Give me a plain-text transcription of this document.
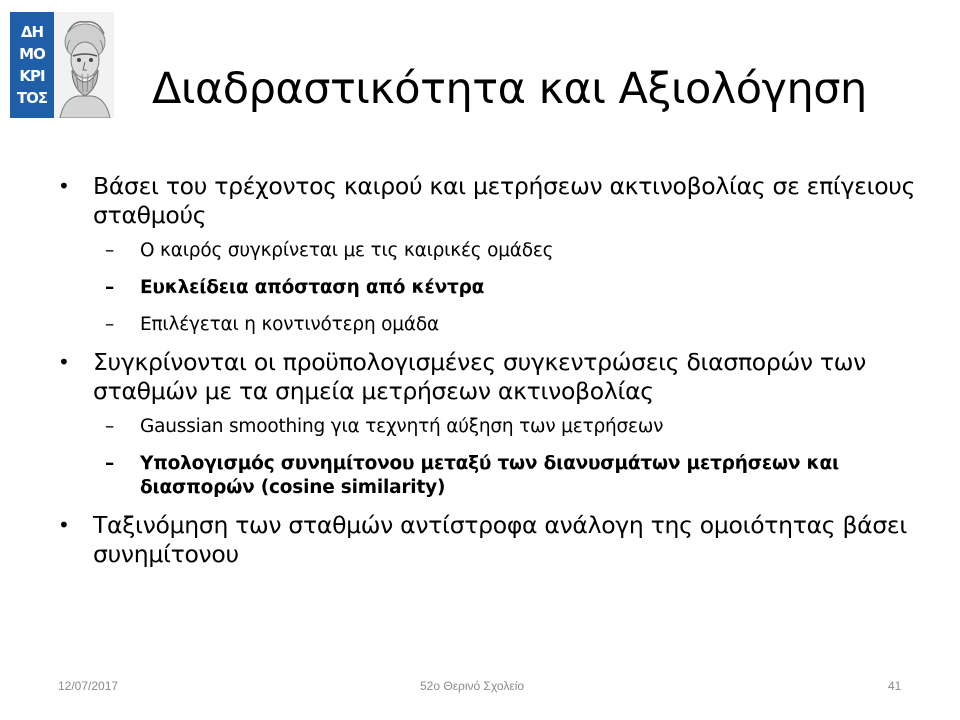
ΔΗ
ΜΟ
ΚΡΙ
ΤΟΣ Διαδραστικότητα και Αξιολόγηση
• Βάσει του τρέχοντος καιρού και μετρήσεων ακτινοβολίας σε επίγειους σταθμούς
– Ο καιρός συγκρίνεται με τις καιρικές ομάδες
– Ευκλείδεια απόσταση από κέντρα
– Επιλέγεται η κοντινότερη ομάδα
• Συγκρίνονται οι προϋπολογισμένες συγκεντρώσεις διασπορών των σταθμών με τα σημεία μετρήσεων ακτινοβολίας
– Gaussian smoothing για τεχνητή αύξηση των μετρήσεων
– Υπολογισμός συνημίτονου μεταξύ των διανυσμάτων μετρήσεων και διασπορών (cosine similarity)
• Ταξινόμηση των σταθμών αντίστροφα ανάλογη της ομοιότητας βάσει συνημίτονου
12/07/2017	52ο Θερινό Σχολείο	41
